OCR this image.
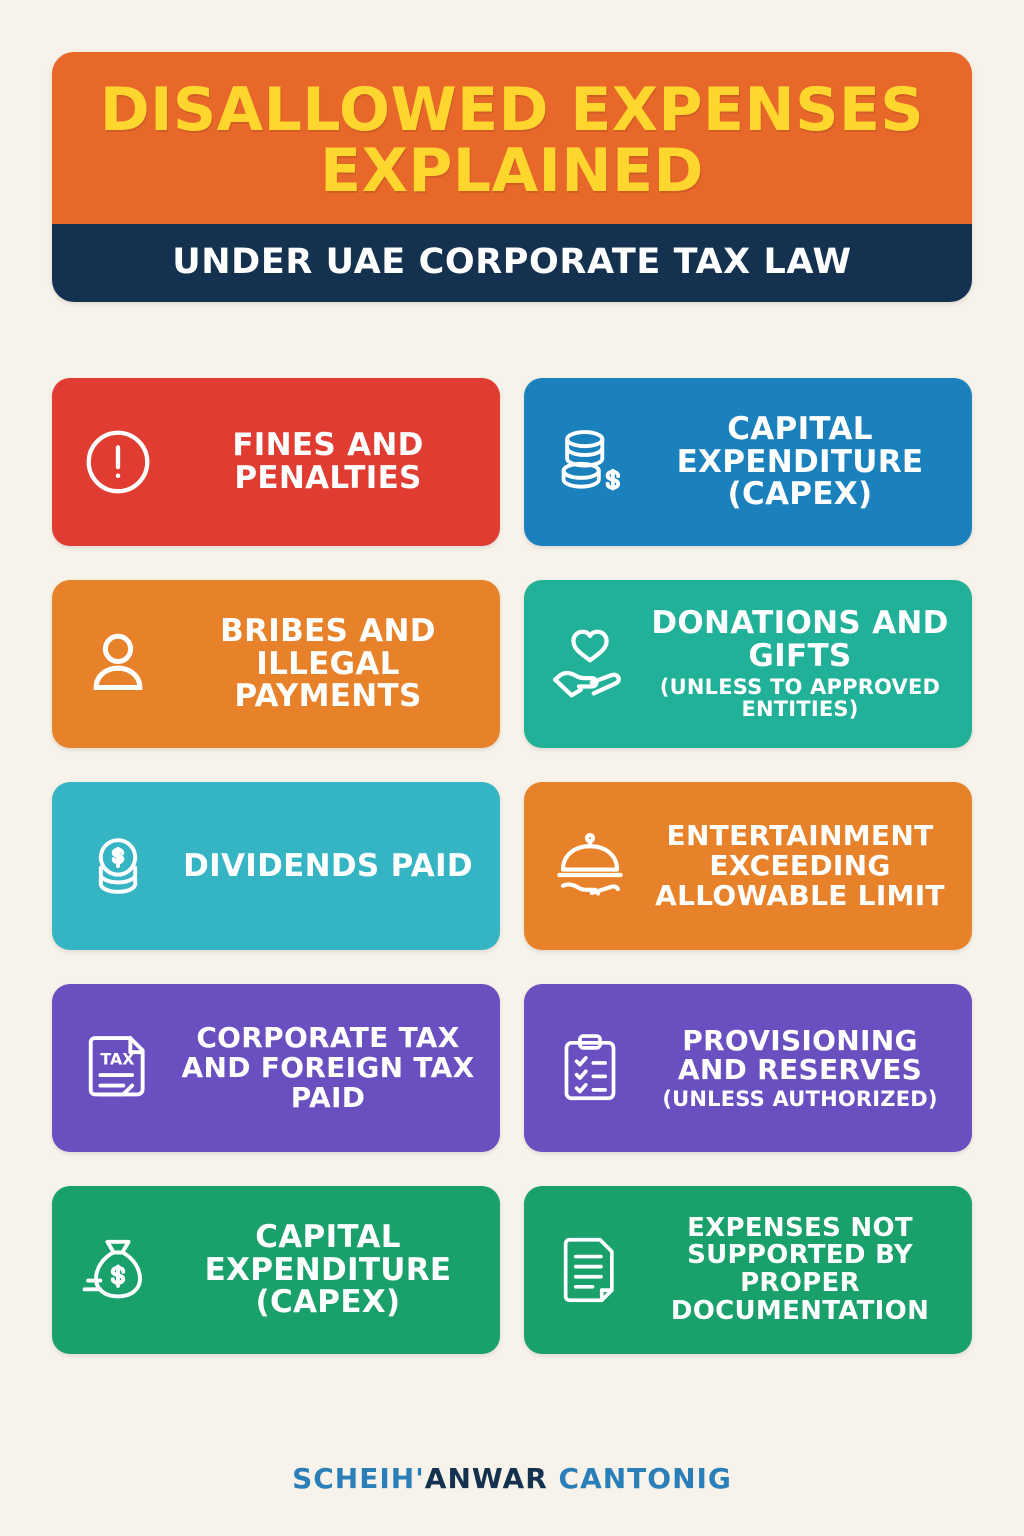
DISALLOWED EXPENSES EXPLAINED
UNDER UAE CORPORATE TAX LAW
FINES AND PENALTIES
CAPITAL EXPENDITURE (CAPEX)
BRIBES AND ILLEGAL PAYMENTS
DONATIONS AND GIFTS
(UNLESS TO APPROVED ENTITIES)
DIVIDENDS PAID
ENTERTAINMENT EXCEEDING ALLOWABLE LIMIT
TAX
CORPORATE TAX AND FOREIGN TAX PAID
PROVISIONING AND RESERVES
(UNLESS AUTHORIZED)
CAPITAL EXPENDITURE (CAPEX)
EXPENSES NOT SUPPORTED BY PROPER DOCUMENTATION
SCHEIH'ANWAR CANTONIG
